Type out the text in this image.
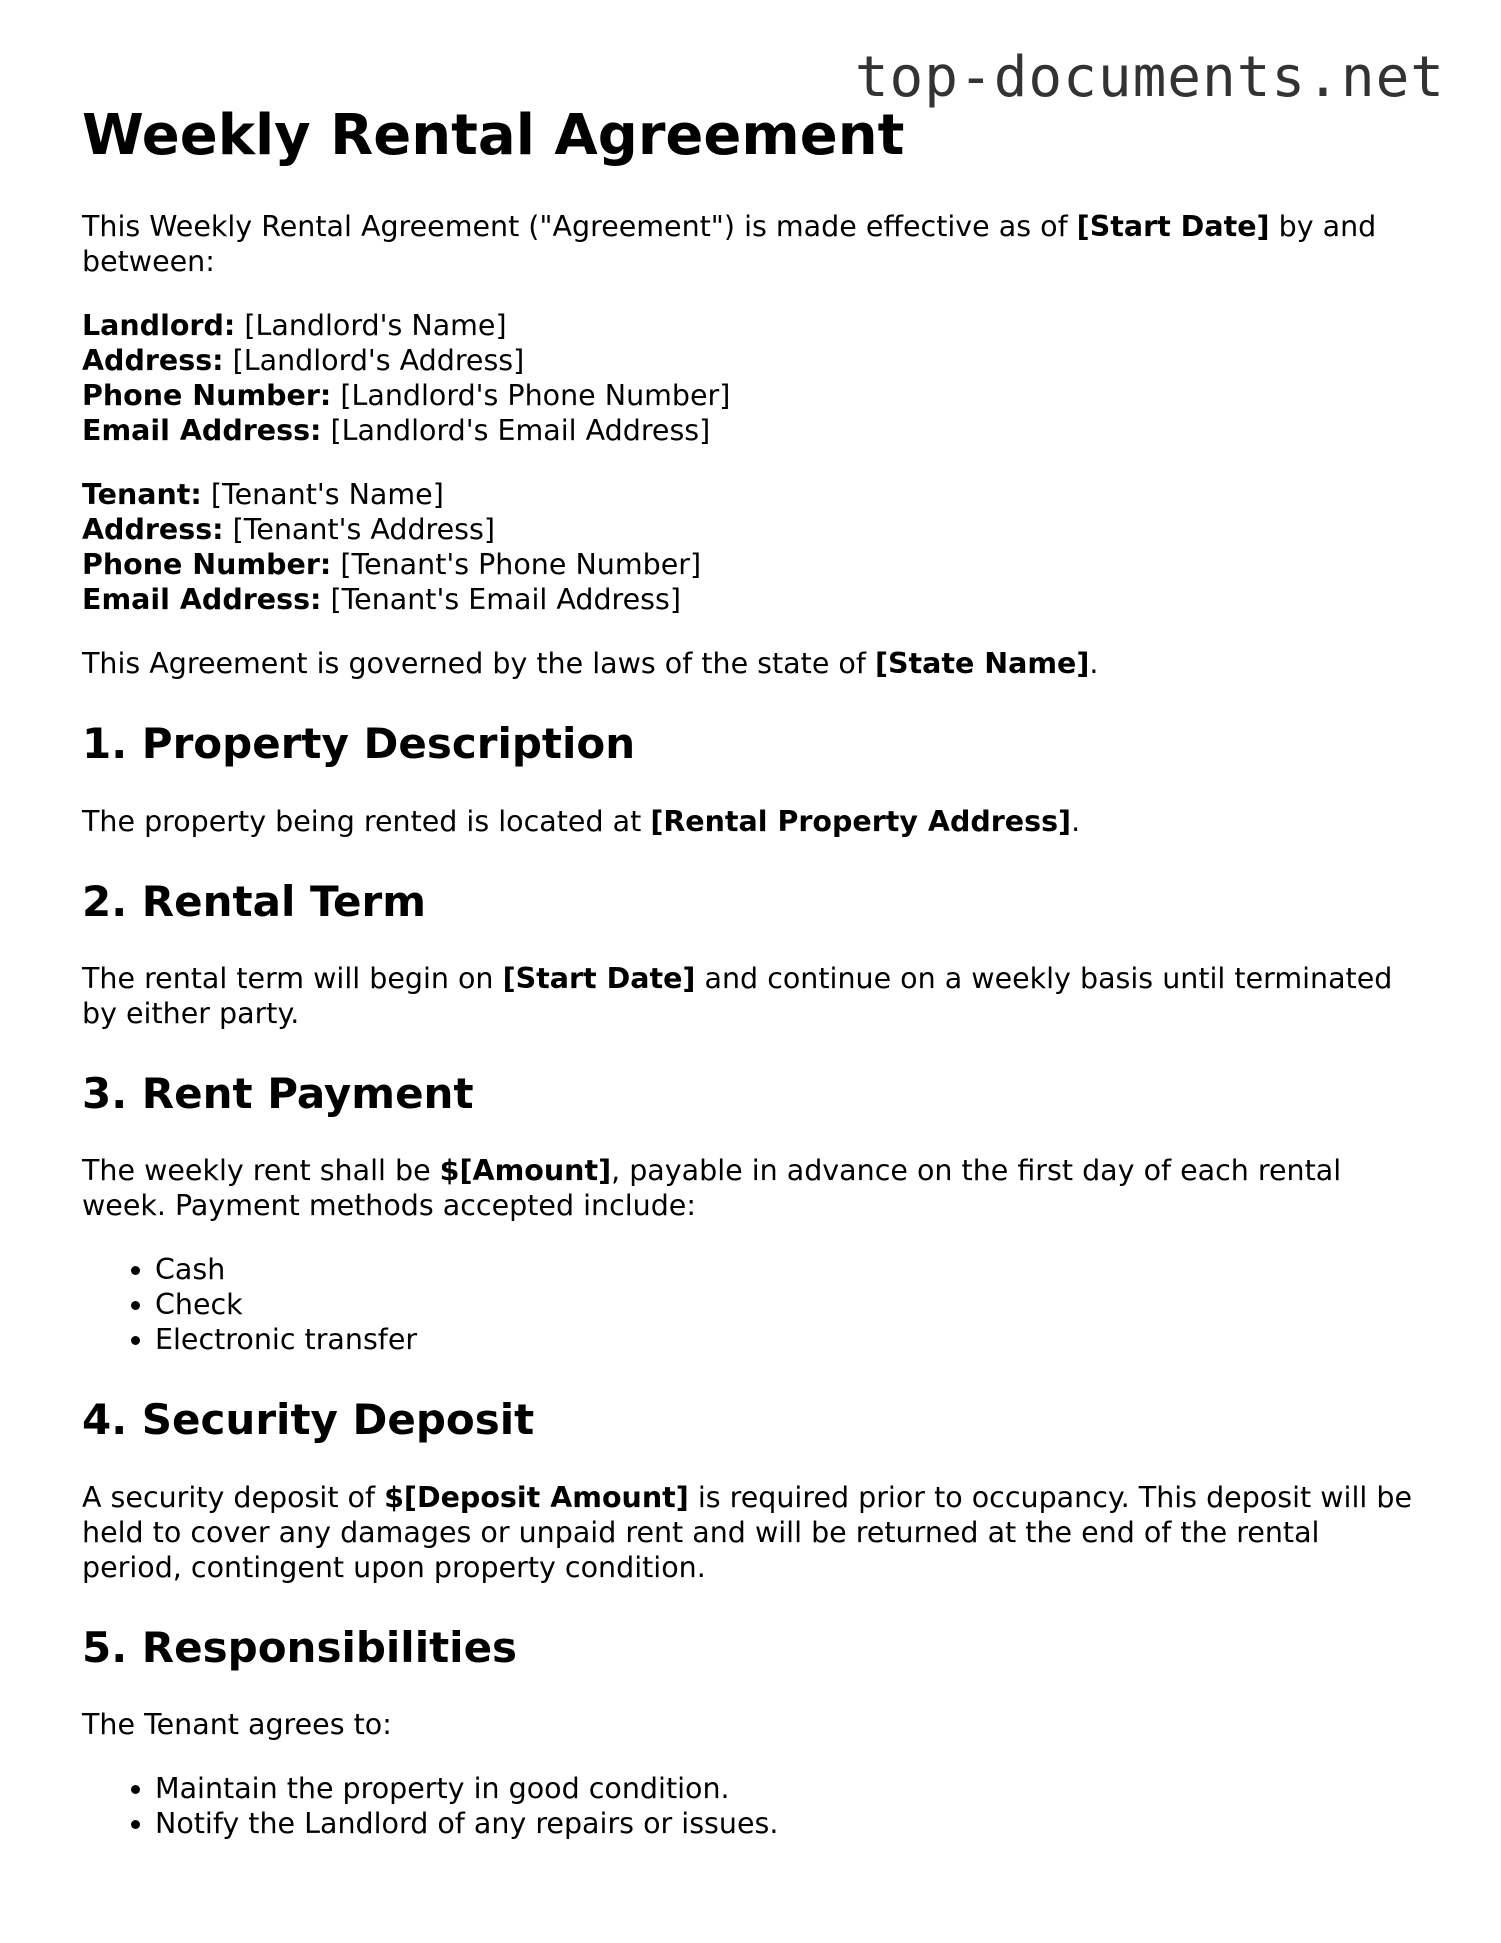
top-documents.net
Weekly Rental Agreement

This Weekly Rental Agreement ("Agreement") is made effective as of [Start Date] by and between:

Landlord: [Landlord's Name]
Address: [Landlord's Address]
Phone Number: [Landlord's Phone Number]
Email Address: [Landlord's Email Address]
Tenant: [Tenant's Name]
Address: [Tenant's Address]
Phone Number: [Tenant's Phone Number]
Email Address: [Tenant's Email Address]

This Agreement is governed by the laws of the state of [State Name].

1. Property Description

The property being rented is located at [Rental Property Address].

2. Rental Term

The rental term will begin on [Start Date] and continue on a weekly basis until terminated by either party.

3. Rent Payment

The weekly rent shall be $[Amount], payable in advance on the first day of each rental week. Payment methods accepted include:

• Cash
• Check
• Electronic transfer
4. Security Deposit

A security deposit of $[Deposit Amount] is required prior to occupancy. This deposit will be held to cover any damages or unpaid rent and will be returned at the end of the rental period, contingent upon property condition.

5. Responsibilities

The Tenant agrees to:

• Maintain the property in good condition.
• Notify the Landlord of any repairs or issues.
